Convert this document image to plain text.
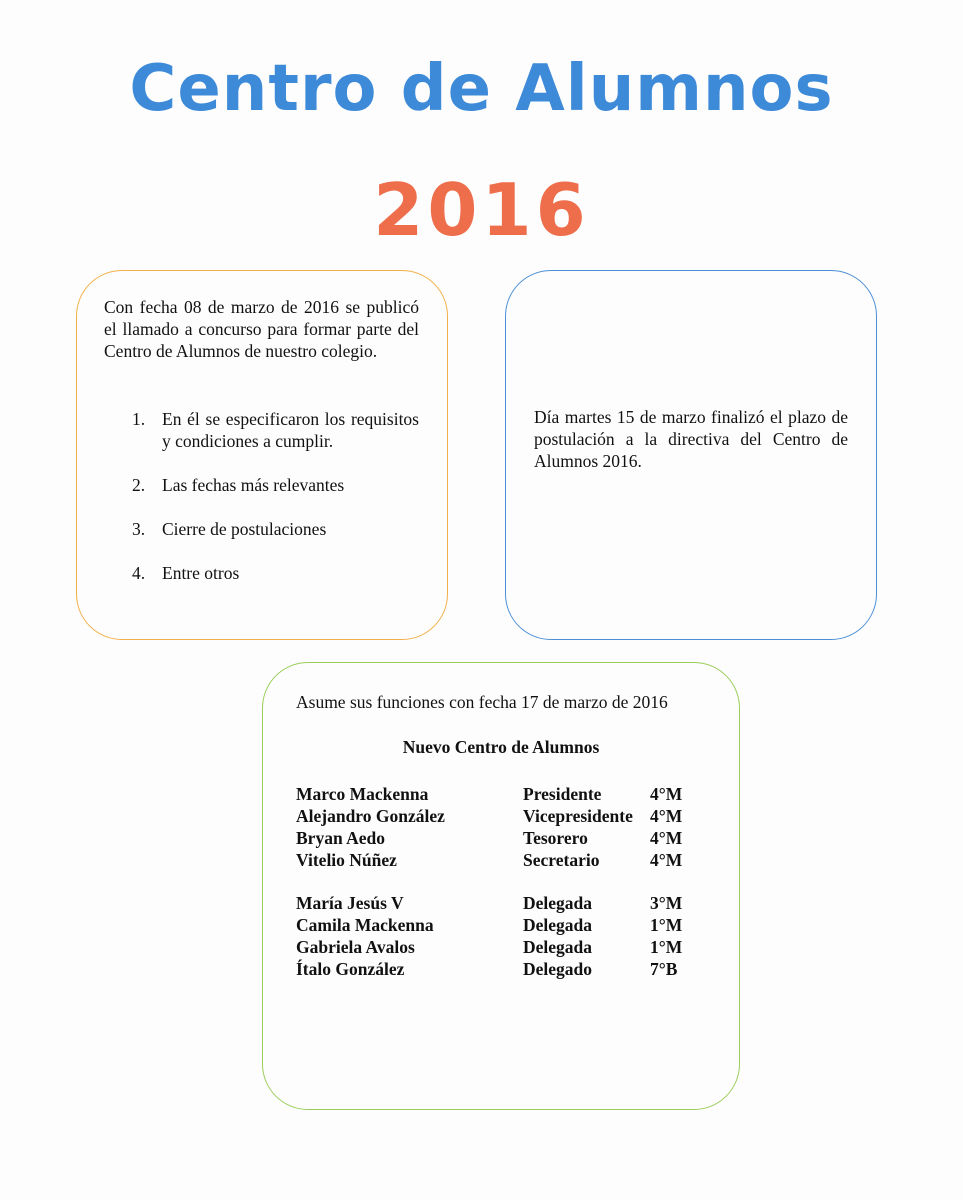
Centro de Alumnos
2016

Con fecha 08 de marzo de 2016 se publicó el llamado a concurso para formar parte del Centro de Alumnos de nuestro colegio.

1. En él se especificaron los requisitos y condiciones a cumplir.
2. Las fechas más relevantes
3. Cierre de postulaciones
4. Entre otros

Día martes 15 de marzo finalizó el plazo de postulación a la directiva del Centro de Alumnos 2016.

Asume sus funciones con fecha 17 de marzo de 2016

Nuevo Centro de Alumnos

Marco Mackenna	Presidente	4°M
Alejandro González	Vicepresidente 4°M
Bryan Aedo	Tesorero	4°M
Vitelio Núñez	Secretario	4°M
María Jesús V	Delegada	3°M
Camila Mackenna	Delegada	1°M
Gabriela Avalos	Delegada	1°M
Ítalo González	Delegado	7°B
